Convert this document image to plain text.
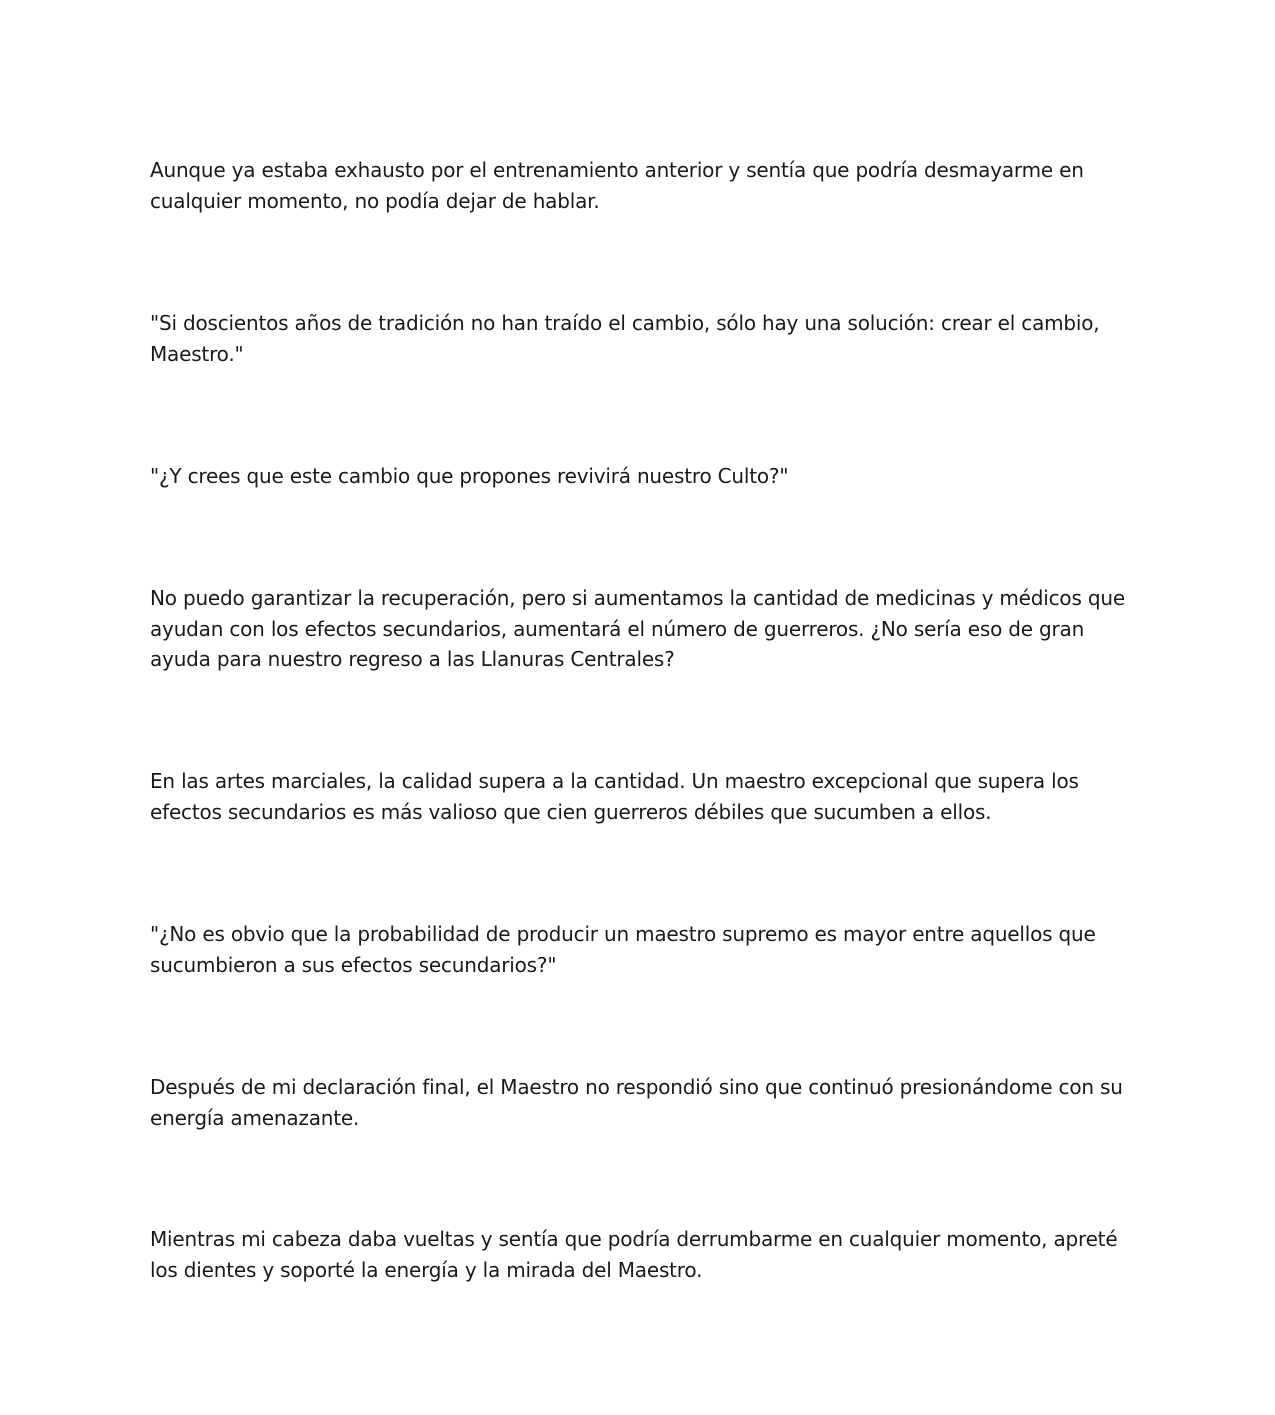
Aunque ya estaba exhausto por el entrenamiento anterior y sentía que podría desmayarme en cualquier momento, no podía dejar de hablar.

"Si doscientos años de tradición no han traído el cambio, sólo hay una solución: crear el cambio, Maestro."

"¿Y crees que este cambio que propones revivirá nuestro Culto?"

No puedo garantizar la recuperación, pero si aumentamos la cantidad de medicinas y médicos que ayudan con los efectos secundarios, aumentará el número de guerreros. ¿No sería eso de gran ayuda para nuestro regreso a las Llanuras Centrales?

En las artes marciales, la calidad supera a la cantidad. Un maestro excepcional que supera los efectos secundarios es más valioso que cien guerreros débiles que sucumben a ellos.

"¿No es obvio que la probabilidad de producir un maestro supremo es mayor entre aquellos que sucumbieron a sus efectos secundarios?"

Después de mi declaración final, el Maestro no respondió sino que continuó presionándome con su energía amenazante.

Mientras mi cabeza daba vueltas y sentía que podría derrumbarme en cualquier momento, apreté los dientes y soporté la energía y la mirada del Maestro.
